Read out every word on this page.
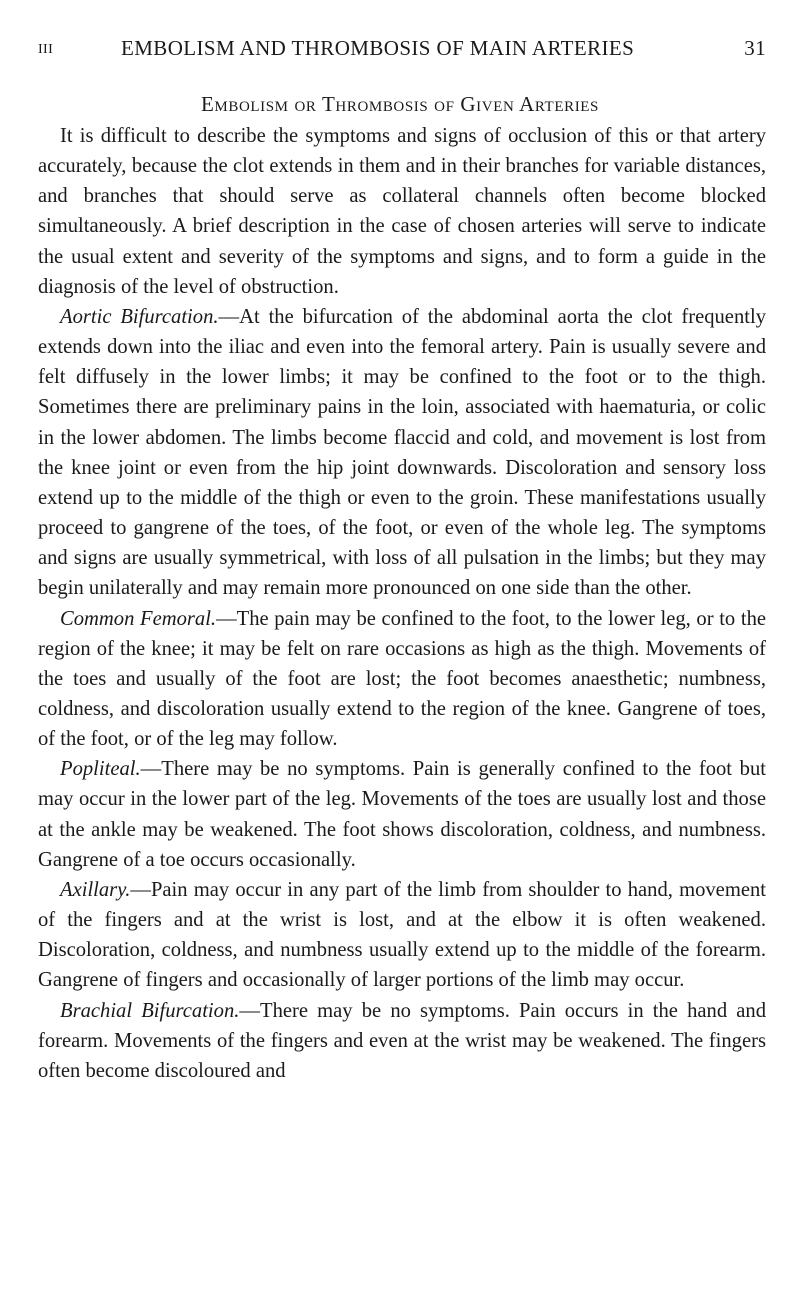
iii	EMBOLISM AND THROMBOSIS OF MAIN ARTERIES	31
Embolism or Thrombosis of Given Arteries

It is difficult to describe the symptoms and signs of occlusion of this or that artery accurately, because the clot extends in them and in their branches for variable distances, and branches that should serve as collateral channels often become blocked simultaneously. A brief description in the case of chosen arteries will serve to indicate the usual extent and severity of the symptoms and signs, and to form a guide in the diagnosis of the level of obstruction.

Aortic Bifurcation.—At the bifurcation of the abdominal aorta the clot frequently extends down into the iliac and even into the femoral artery. Pain is usually severe and felt diffusely in the lower limbs; it may be confined to the foot or to the thigh. Sometimes there are preliminary pains in the loin, associated with haematuria, or colic in the lower abdomen. The limbs become flaccid and cold, and movement is lost from the knee joint or even from the hip joint downwards. Discoloration and sensory loss extend up to the middle of the thigh or even to the groin. These manifestations usually proceed to gangrene of the toes, of the foot, or even of the whole leg. The symptoms and signs are usually symmetrical, with loss of all pulsation in the limbs; but they may begin unilaterally and may remain more pronounced on one side than the other.

Common Femoral.—The pain may be confined to the foot, to the lower leg, or to the region of the knee; it may be felt on rare occasions as high as the thigh. Movements of the toes and usually of the foot are lost; the foot becomes anaesthetic; numbness, coldness, and discoloration usually extend to the region of the knee. Gangrene of toes, of the foot, or of the leg may follow.

Popliteal.—There may be no symptoms. Pain is generally confined to the foot but may occur in the lower part of the leg. Movements of the toes are usually lost and those at the ankle may be weakened. The foot shows discoloration, coldness, and numbness. Gangrene of a toe occurs occasionally.

Axillary.—Pain may occur in any part of the limb from shoulder to hand, movement of the fingers and at the wrist is lost, and at the elbow it is often weakened. Discoloration, coldness, and numbness usually extend up to the middle of the forearm. Gangrene of fingers and occasionally of larger portions of the limb may occur.

Brachial Bifurcation.—There may be no symptoms. Pain occurs in the hand and forearm. Movements of the fingers and even at the wrist may be weakened. The fingers often become discoloured and
